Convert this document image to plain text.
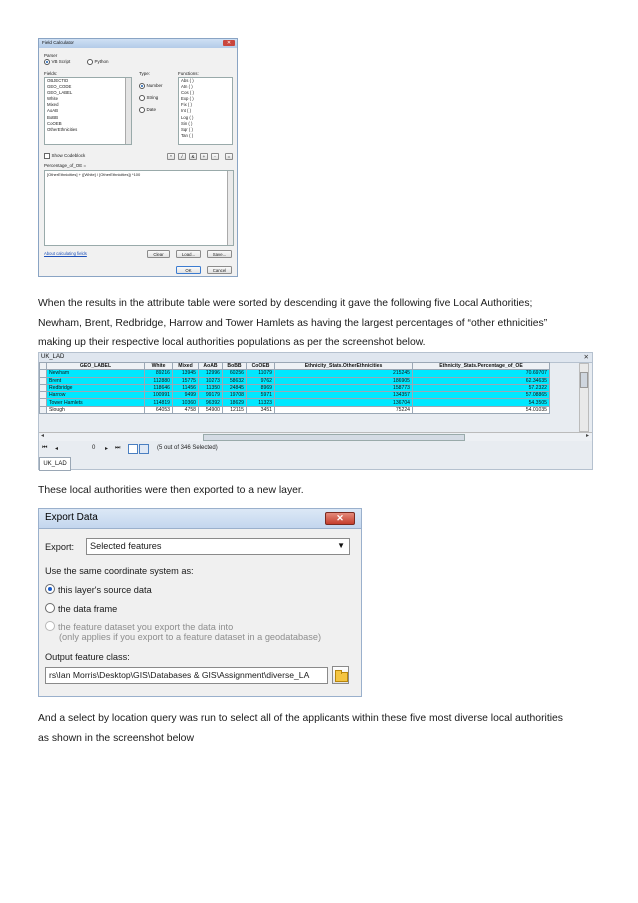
Field Calculator	✕
Parser
VB Script	Python
Fields:
OBJECTID
GEO_CODE
GEO_LABEL
White
Mixed
AoAB
BoBB
CoOEB
OtherEthnicities
Type:
Number
String
Date
Functions:
Abs ( )
Atn ( )
Cos ( )
Exp ( )
Fix ( )
Int ( )
Log ( )
Sin ( )
Sqr ( )
Tan ( )
Show Codeblock	*	/	&	+	-	=
Percentage_of_OE =
[OtherEthnicities] + ([White] / [OtherEthnicities]) *100
About calculating fields	Clear	Load...	Save...
OK	Cancel

When the results in the attribute table were sorted by descending it gave the following five Local Authorities;

Newham, Brent, Redbridge, Harrow and Tower Hamlets as having the largest percentages of “other ethnicities”

making up their respective local authorities populations as per the screenshot below.

UK_LAD	✕
	GEO_LABEL	White	Mixed	AoAB	BoBB	CoOEB	Ethnicity_Stats.OtherEthnicities	Ethnicity_Stats.Percentage_of_OE
	Newham	89216	13945	12996	60256	11079	215245	70.69707
	Brent	112880	15775	10273	58632	9762	186905	62.34635
	Redbridge	118646	11456	11350	24845	8969	158773	57.2322
	Harrow	100991	9499	99179	19708	5971	134357	57.08865
	Tower Hamlets	114819	10360	96392	18629	11323	136704	54.3505
	Slough	64053	4758	54900	12115	3451	75224	54.01035
◂	▸
⏮ ◂	0 ▸ ⏭	(5 out of 346 Selected)
UK_LAD

These local authorities were then exported to a new layer.

Export Data	✕
Export: Selected features	▼
Use the same coordinate system as:
this layer's source data
the data frame
the feature dataset you export the data into
(only applies if you export to a feature dataset in a geodatabase)
Output feature class:
rs\Ian Morris\Desktop\GIS\Databases & GIS\Assignment\diverse_LA

And a select by location query was run to select all of the applicants within these five most diverse local authorities

as shown in the screenshot below
